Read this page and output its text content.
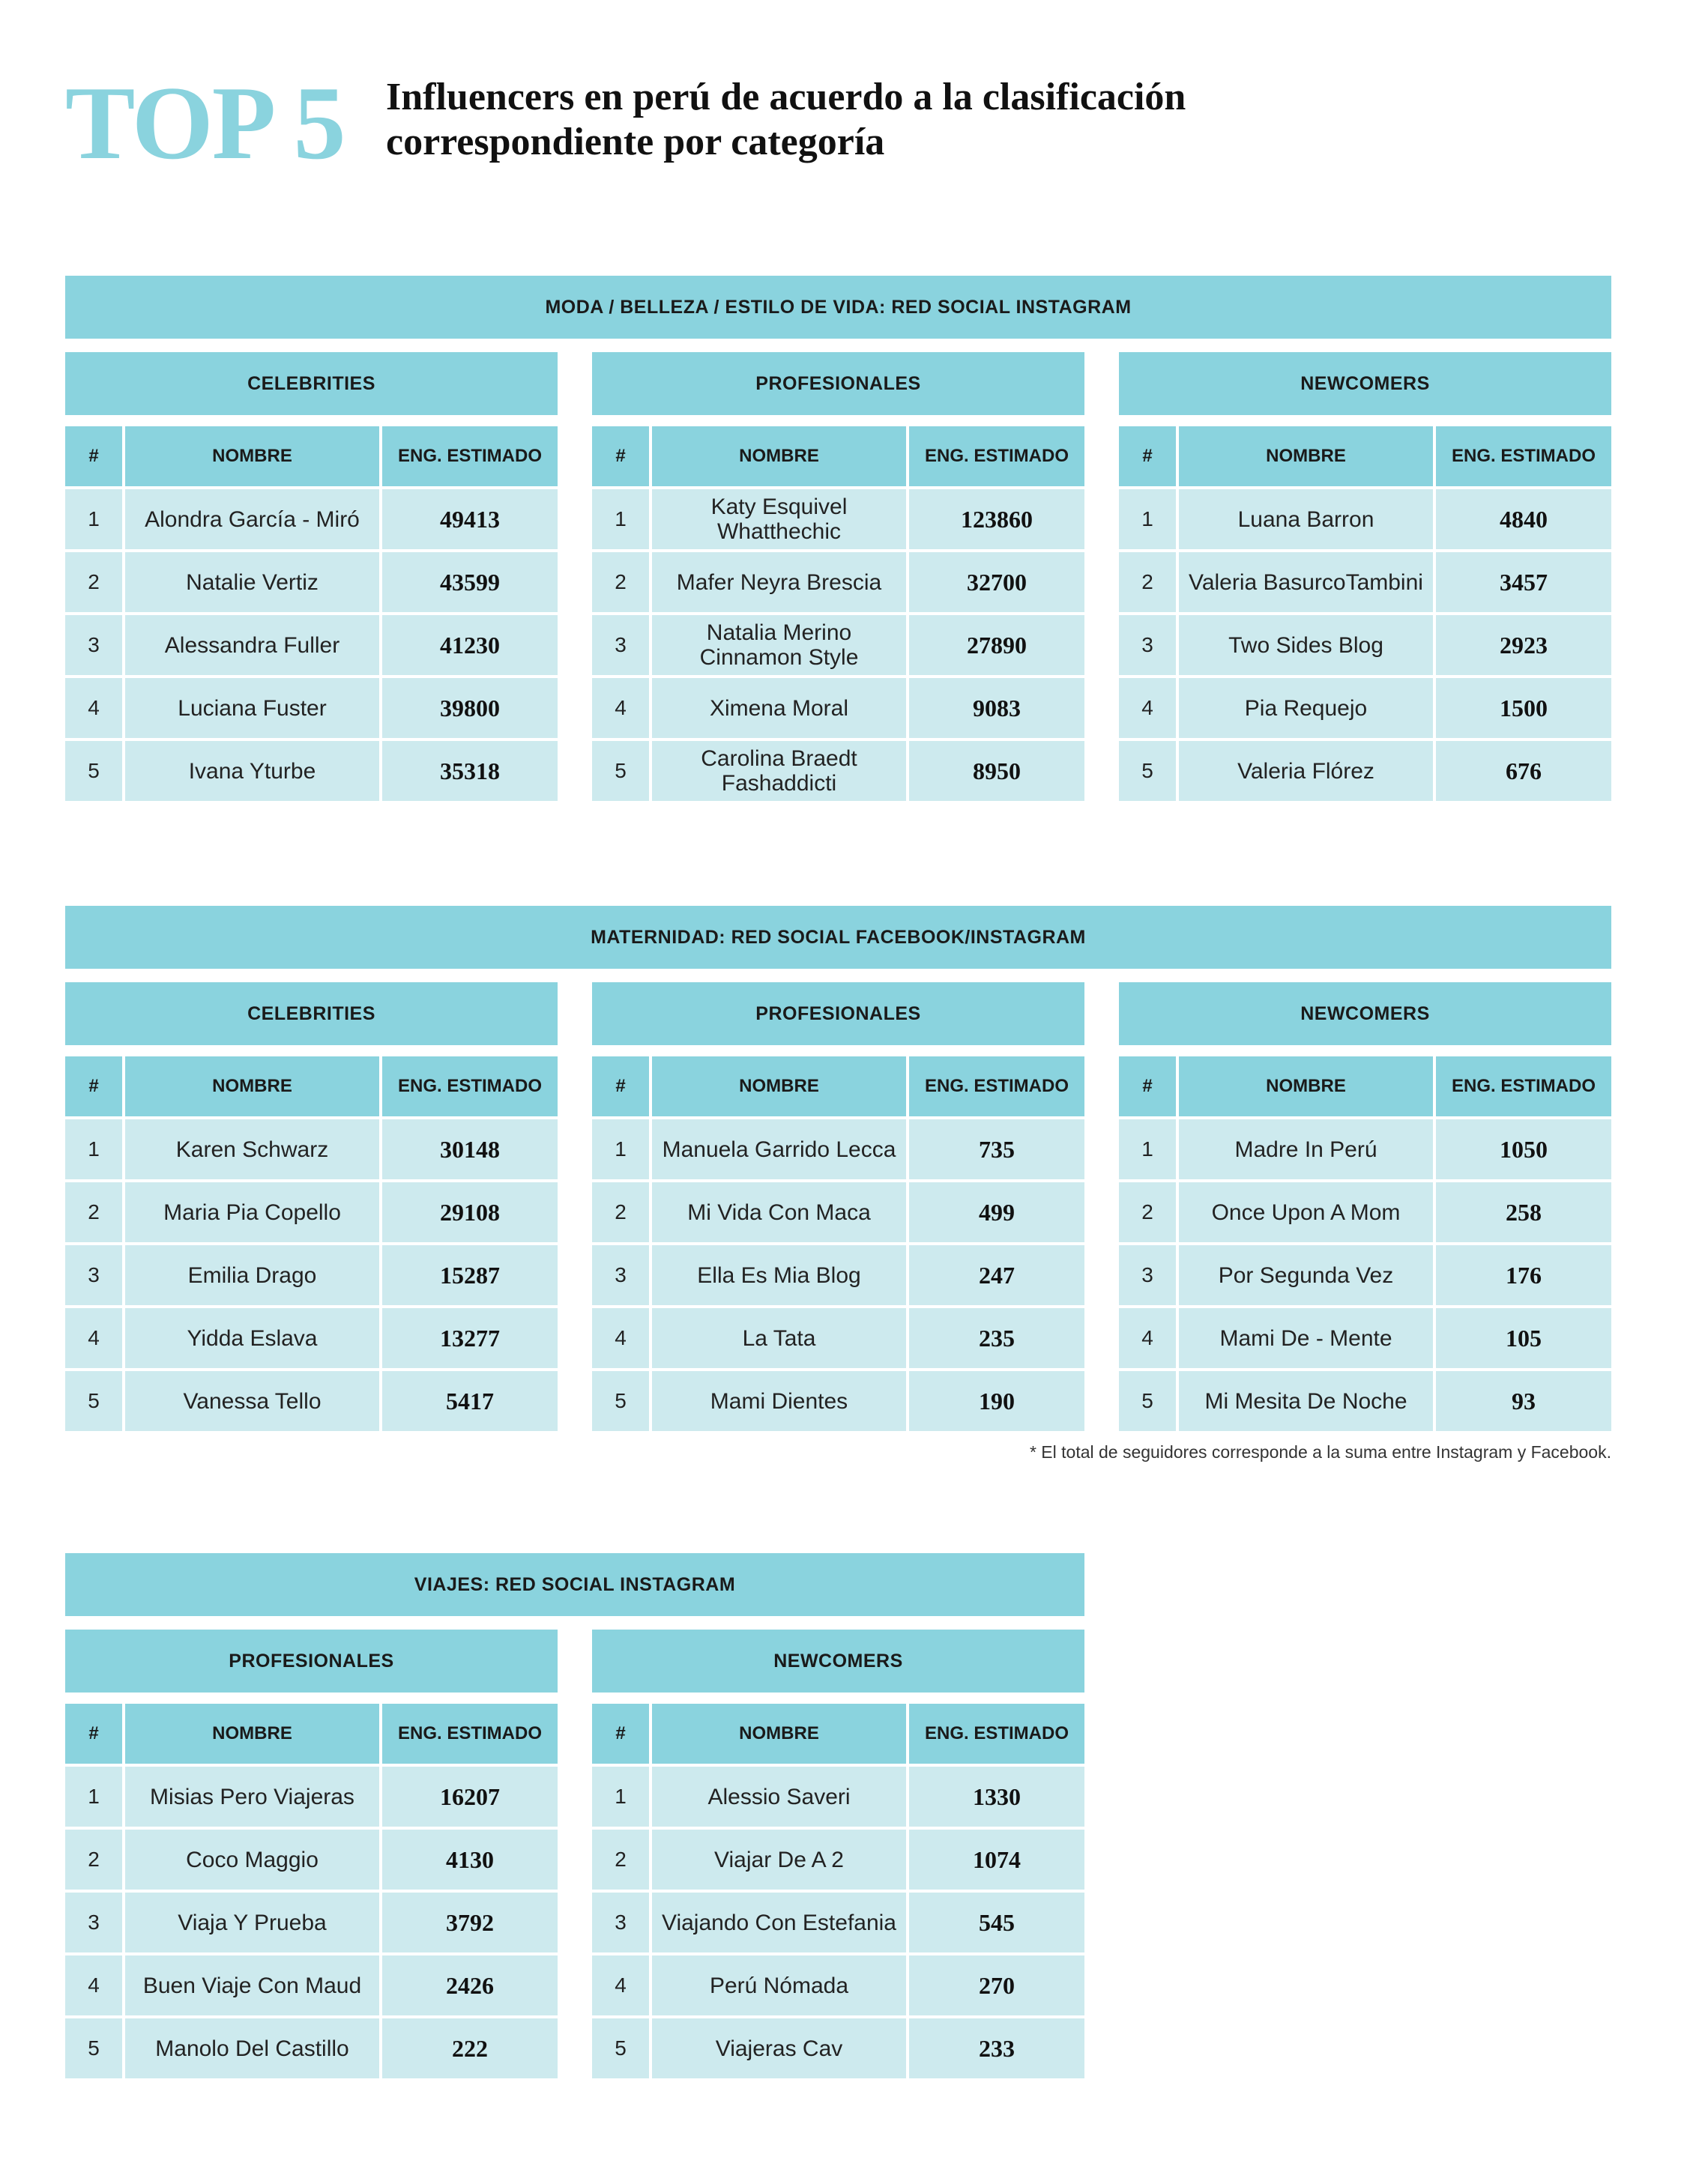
TOP 5 Influencers en perú de acuerdo a la clasificación
correspondiente por categoría
MODA / BELLEZA / ESTILO DE VIDA: RED SOCIAL INSTAGRAM
CELEBRITIES	PROFESIONALES	NEWCOMERS
#	NOMBRE	ENG. ESTIMADO
1	Alondra García - Miró	49413
2	Natalie Vertiz	43599
3	Alessandra Fuller	41230
4	Luciana Fuster	39800
5	Ivana Yturbe	35318
#	NOMBRE	ENG. ESTIMADO
1	Katy Esquivel Whatthechic	123860
2	Mafer Neyra Brescia	32700
3	Natalia Merino Cinnamon Style	27890
4	Ximena Moral	9083
5	Carolina Braedt Fashaddicti	8950
#	NOMBRE	ENG. ESTIMADO
1	Luana Barron	4840
2	Valeria BasurcoTambini	3457
3	Two Sides Blog	2923
4	Pia Requejo	1500
5	Valeria Flórez	676
MATERNIDAD: RED SOCIAL FACEBOOK/INSTAGRAM
CELEBRITIES	PROFESIONALES	NEWCOMERS
#	NOMBRE	ENG. ESTIMADO
1	Karen Schwarz	30148
2	Maria Pia Copello	29108
3	Emilia Drago	15287
4	Yidda Eslava	13277
5	Vanessa Tello	5417
#	NOMBRE	ENG. ESTIMADO
1	Manuela Garrido Lecca	735
2	Mi Vida Con Maca	499
3	Ella Es Mia Blog	247
4	La Tata	235
5	Mami Dientes	190
#	NOMBRE	ENG. ESTIMADO
1	Madre In Perú	1050
2	Once Upon A Mom	258
3	Por Segunda Vez	176
4	Mami De - Mente	105
5	Mi Mesita De Noche	93
* El total de seguidores corresponde a la suma entre Instagram y Facebook.
VIAJES: RED SOCIAL INSTAGRAM
PROFESIONALES	NEWCOMERS
#	NOMBRE	ENG. ESTIMADO
1	Misias Pero Viajeras	16207
2	Coco Maggio	4130
3	Viaja Y Prueba	3792
4	Buen Viaje Con Maud	2426
5	Manolo Del Castillo	222
#	NOMBRE	ENG. ESTIMADO
1	Alessio Saveri	1330
2	Viajar De A 2	1074
3	Viajando Con Estefania	545
4	Perú Nómada	270
5	Viajeras Cav	233
